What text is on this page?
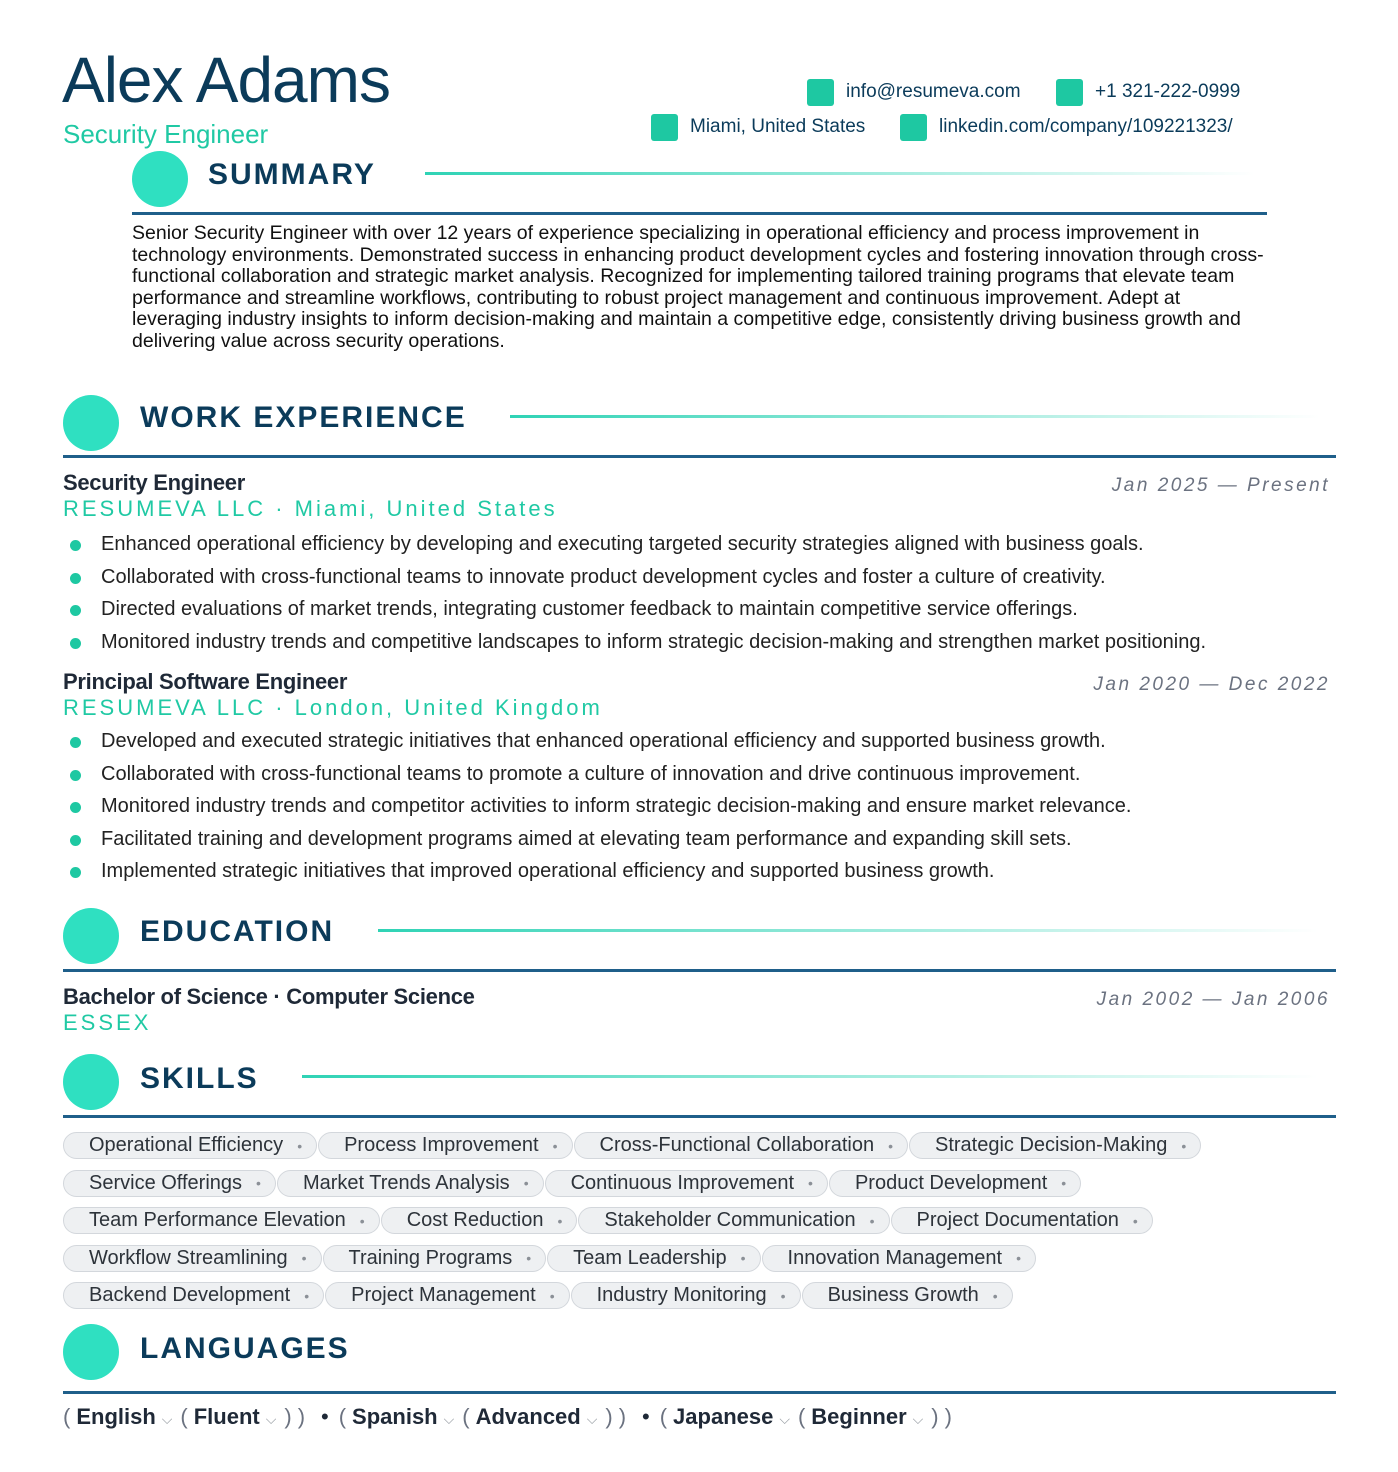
Alex Adams
Security Engineer
info@resumeva.com	+1 321-222-0999
Miami, United States	linkedin.com/company/109221323/
SUMMARY
Senior Security Engineer with over 12 years of experience specializing in operational efficiency and process improvement in technology environments. Demonstrated success in enhancing product development cycles and fostering innovation through cross-functional collaboration and strategic market analysis. Recognized for implementing tailored training programs that elevate team performance and streamline workflows, contributing to robust project management and continuous improvement. Adept at leveraging industry insights to inform decision-making and maintain a competitive edge, consistently driving business growth and delivering value across security operations.
WORK EXPERIENCE
Security Engineer	Jan 2025 — Present
RESUMEVA LLC · Miami, United States
Enhanced operational efficiency by developing and executing targeted security strategies aligned with business goals.
Collaborated with cross-functional teams to innovate product development cycles and foster a culture of creativity.
Directed evaluations of market trends, integrating customer feedback to maintain competitive service offerings.
Monitored industry trends and competitive landscapes to inform strategic decision-making and strengthen market positioning.
Principal Software Engineer	Jan 2020 — Dec 2022
RESUMEVA LLC · London, United Kingdom
Developed and executed strategic initiatives that enhanced operational efficiency and supported business growth.
Collaborated with cross-functional teams to promote a culture of innovation and drive continuous improvement.
Monitored industry trends and competitor activities to inform strategic decision-making and ensure market relevance.
Facilitated training and development programs aimed at elevating team performance and expanding skill sets.
Implemented strategic initiatives that improved operational efficiency and supported business growth.
EDUCATION
Bachelor of Science · Computer Science	Jan 2002 — Jan 2006
ESSEX
SKILLS
Operational Efficiency • Process Improvement • Cross-Functional Collaboration • Strategic Decision-Making •
Service Offerings • Market Trends Analysis • Continuous Improvement • Product Development •
Team Performance Elevation • Cost Reduction • Stakeholder Communication • Project Documentation •
Workflow Streamlining • Training Programs • Team Leadership • Innovation Management •
Backend Development • Project Management • Industry Monitoring • Business Growth •
LANGUAGES
( English ⌵ ( Fluent ⌵ ) ) • ( Spanish ⌵ ( Advanced ⌵ ) ) • ( Japanese ⌵ ( Beginner ⌵ ) )
